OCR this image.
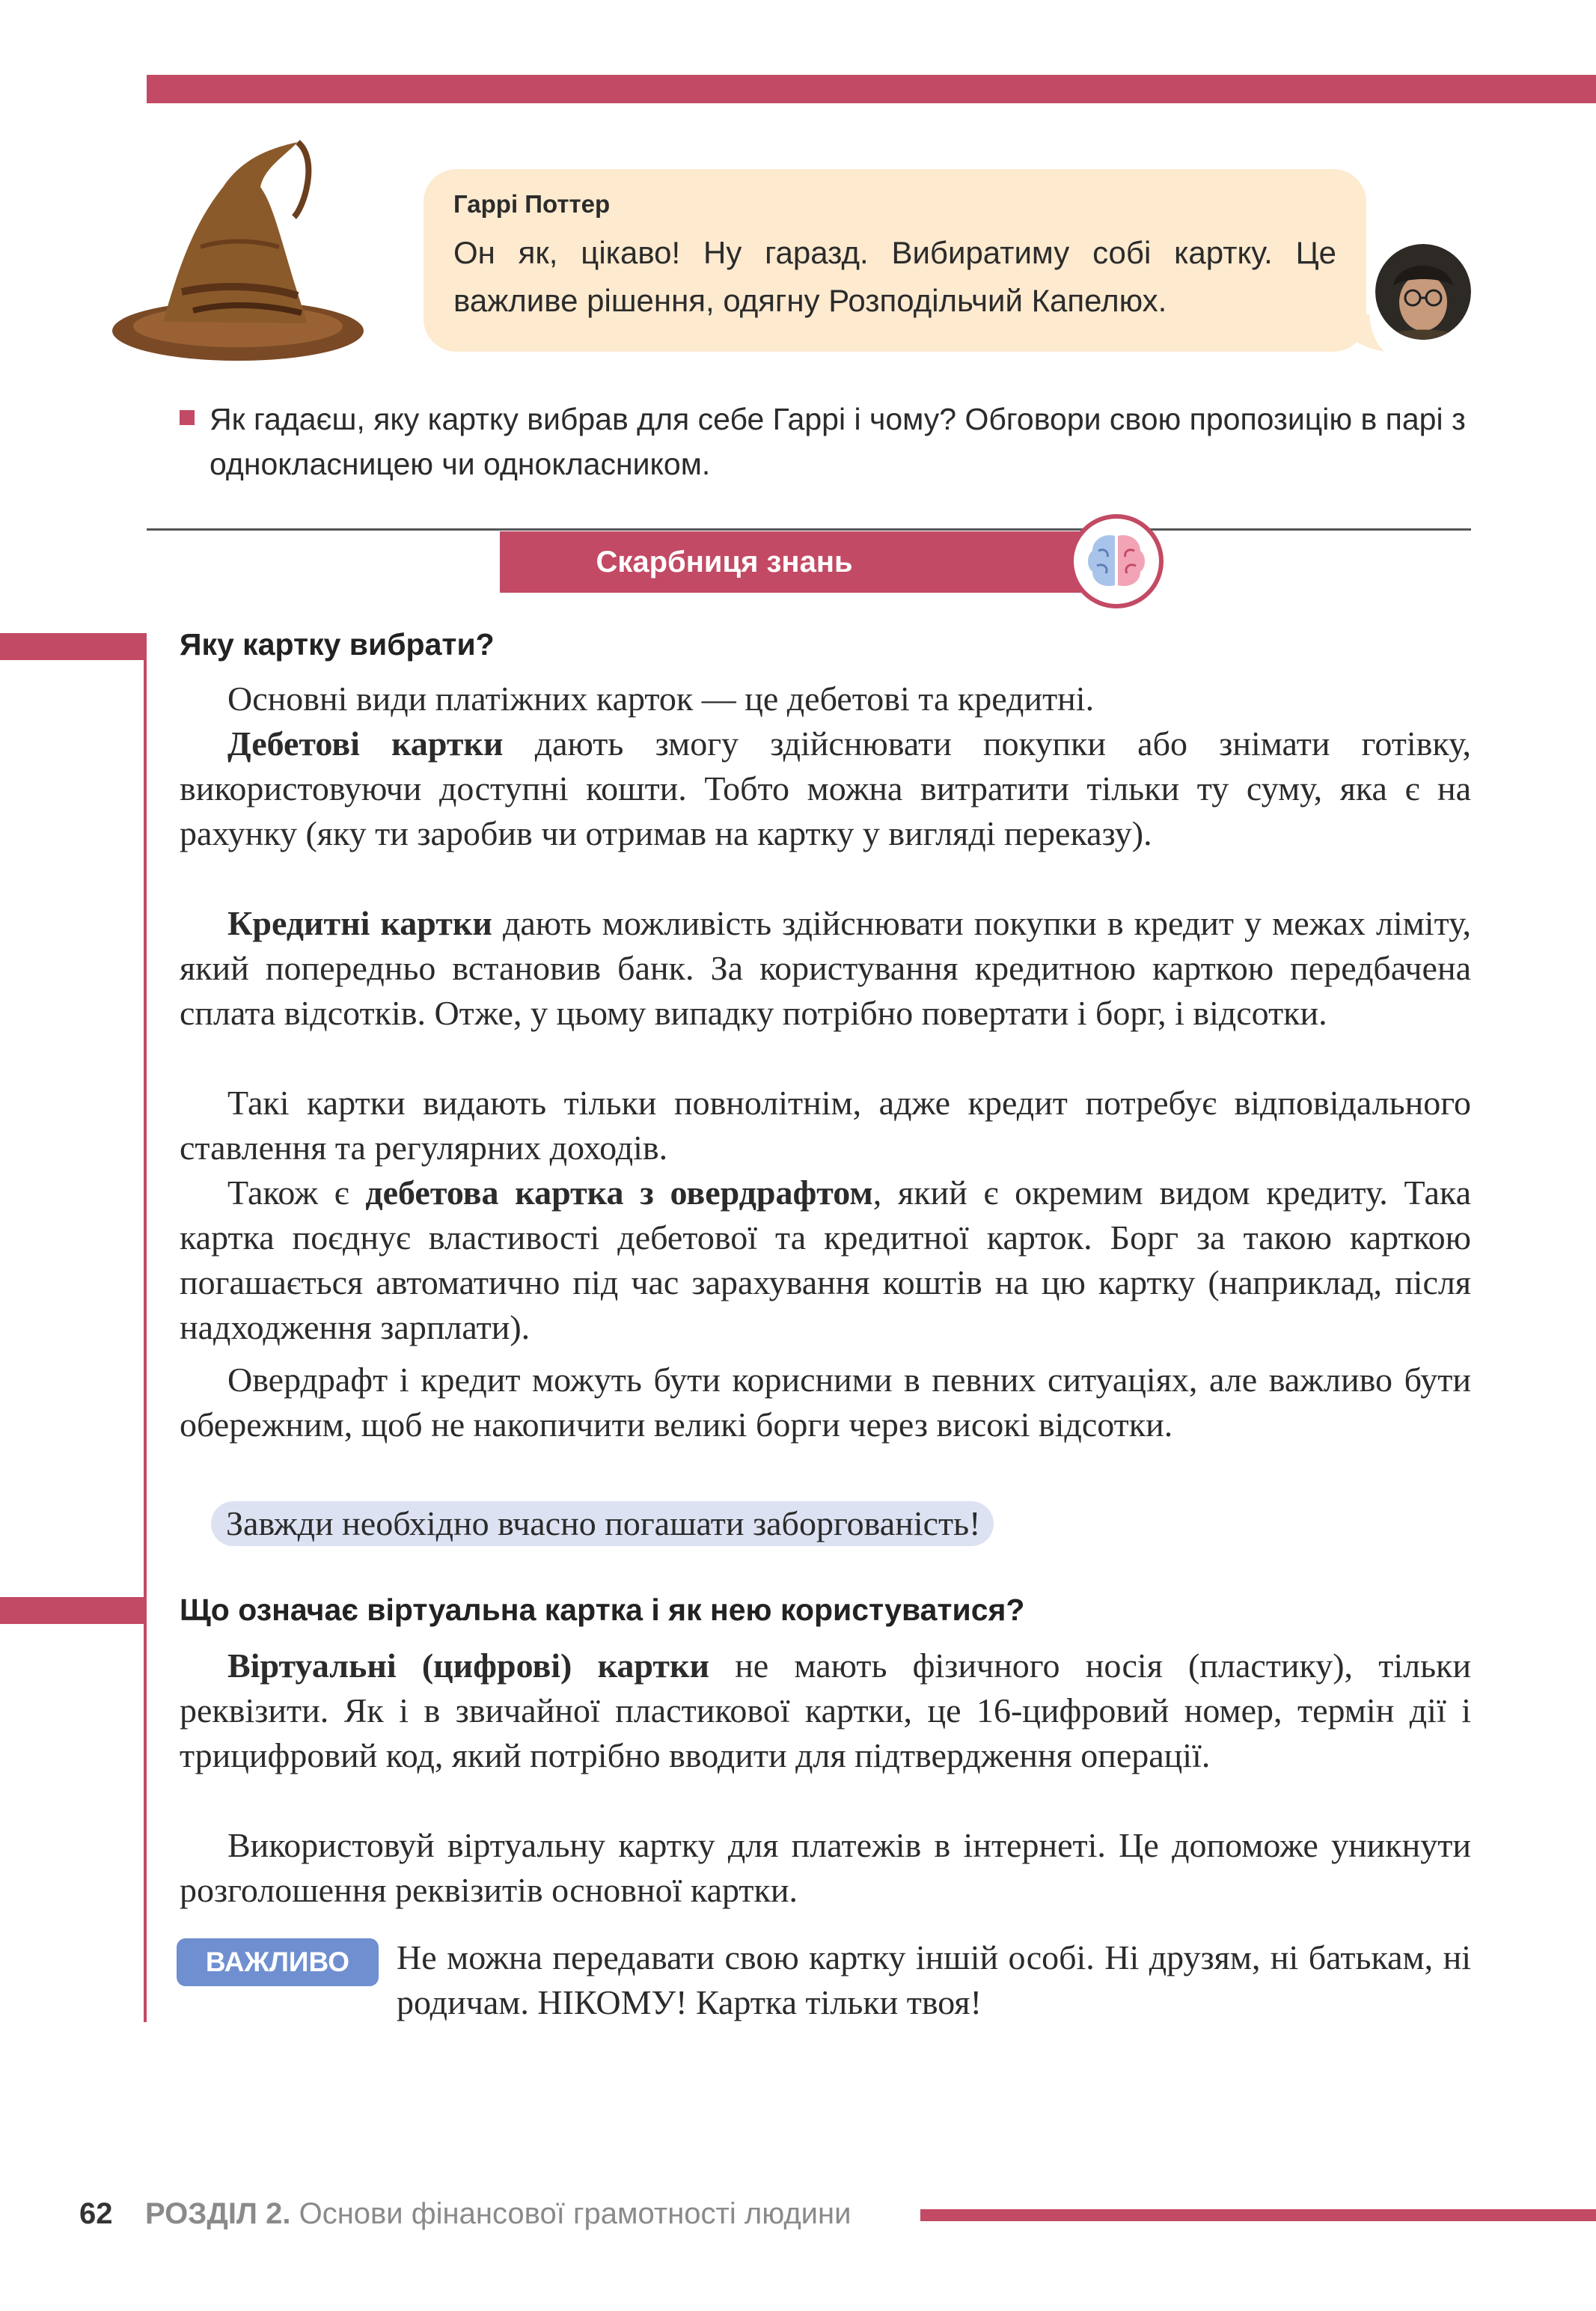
Гаррі Поттер
Он як, цікаво! Ну гаразд. Вибиратиму собі картку. Це важливе рішення, одягну Розподільчий Капелюх.
Як гадаєш, яку картку вибрав для себе Гаррі і чому? Обговори свою пропозицію в парі з однокласницею чи однокласником.
Скарбниця знань
Яку картку вибрати?
Основні види платіжних карток — це дебетові та кредитні.
Дебетові картки дають змогу здійснювати покупки або знімати готівку, використовуючи доступні кошти. Тобто можна витратити тільки ту суму, яка є на рахунку (яку ти заробив чи отримав на картку у вигляді переказу).
Кредитні картки дають можливість здійснювати покупки в кредит у межах ліміту, який попередньо встановив банк. За користування кредитною карткою передбачена сплата відсотків. Отже, у цьому випадку потрібно повертати і борг, і відсотки.
Такі картки видають тільки повнолітнім, адже кредит потребує відповідального ставлення та регулярних доходів.
Також є дебетова картка з овердрафтом, який є окремим видом кредиту. Така картка поєднує властивості дебетової та кредитної карток. Борг за такою карткою погашається автоматично під час зарахування коштів на цю картку (наприклад, після надходження зарплати).
Овердрафт і кредит можуть бути корисними в певних ситуаціях, але важливо бути обережним, щоб не накопичити великі борги через високі відсотки.
Завжди необхідно вчасно погашати заборгованість!
Що означає віртуальна картка і як нею користуватися?
Віртуальні (цифрові) картки не мають фізичного носія (пластику), тільки реквізити. Як і в звичайної пластикової картки, це 16-цифровий номер, термін дії і трицифровий код, який потрібно вводити для підтвердження операції.
Використовуй віртуальну картку для платежів в інтернеті. Це допоможе уникнути розголошення реквізитів основної картки.
ВАЖЛИВО	Не можна передавати свою картку іншій особі. Ні друзям, ні батькам, ні родичам. НІКОМУ! Картка тільки твоя!
62 РОЗДІЛ 2. Основи фінансової грамотності людини
